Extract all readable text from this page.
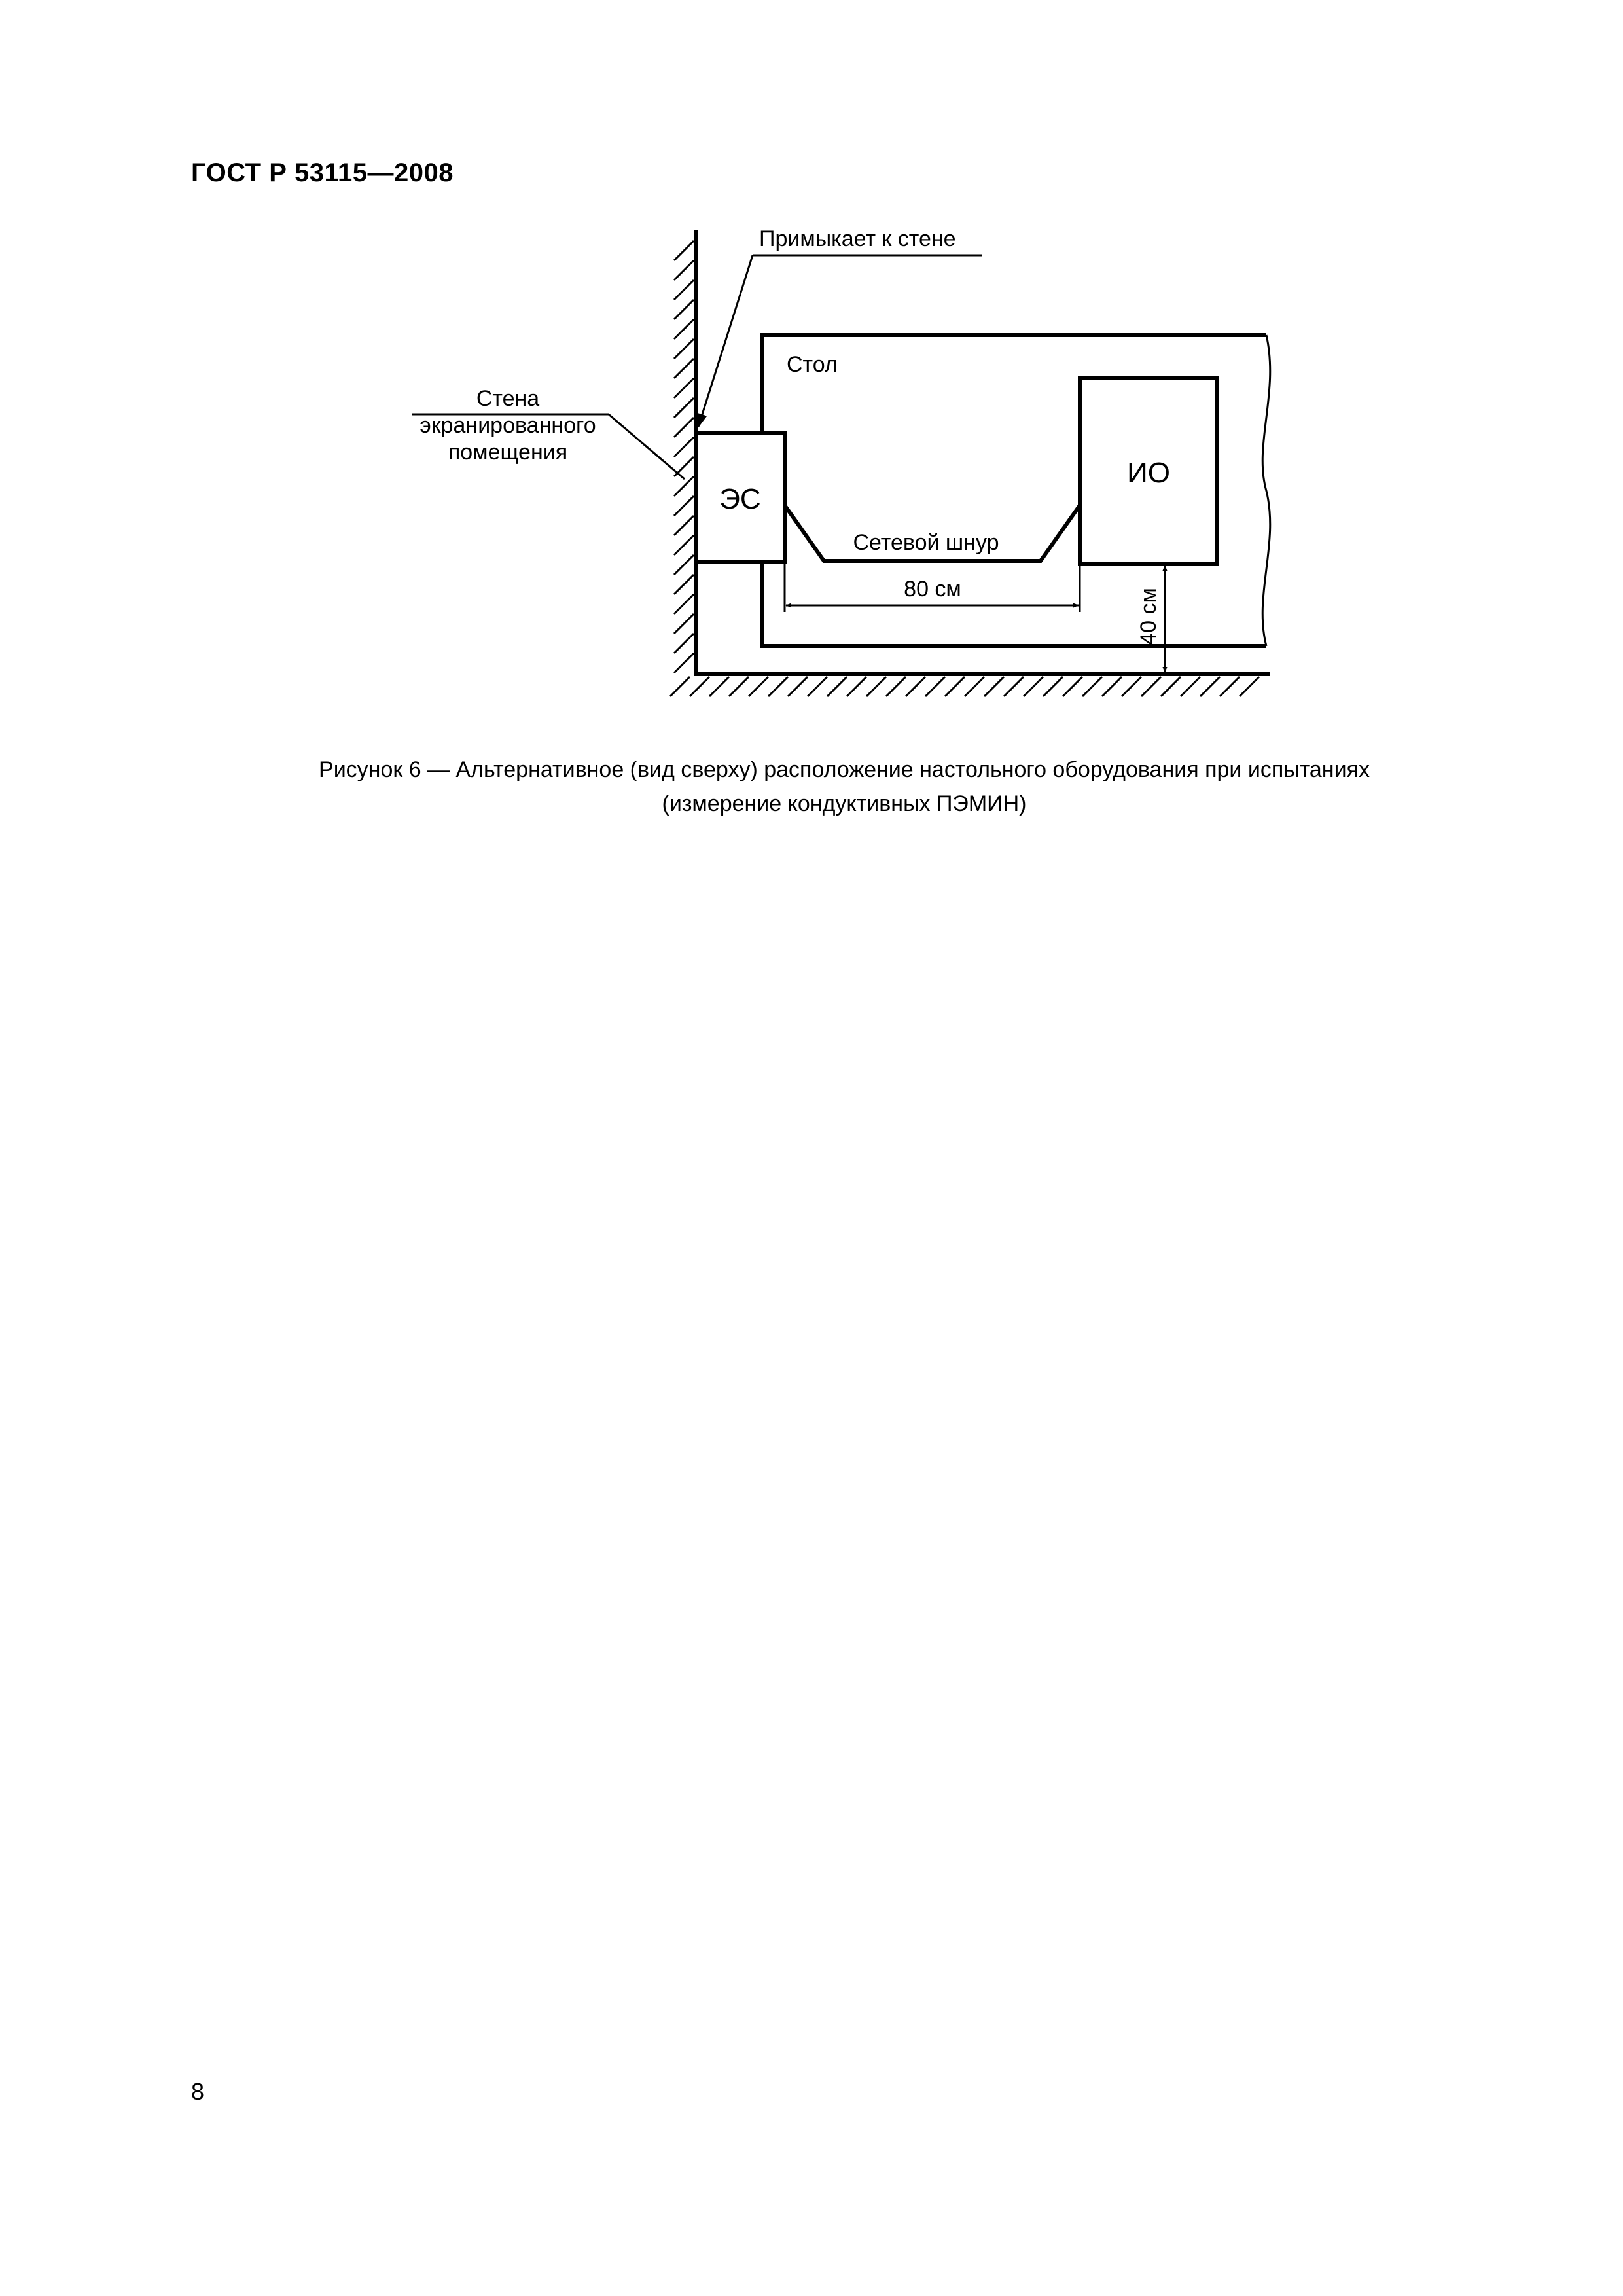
ГОСТ Р 53115—2008
Примыкает к стене
Стол
Стена
экранированного
помещения
ЭС
ИО
Сетевой шнур
80 см	40 см
Рисунок 6 — Альтернативное (вид сверху) расположение настольного оборудования при испытаниях
(измерение кондуктивных ПЭМИН)
8
